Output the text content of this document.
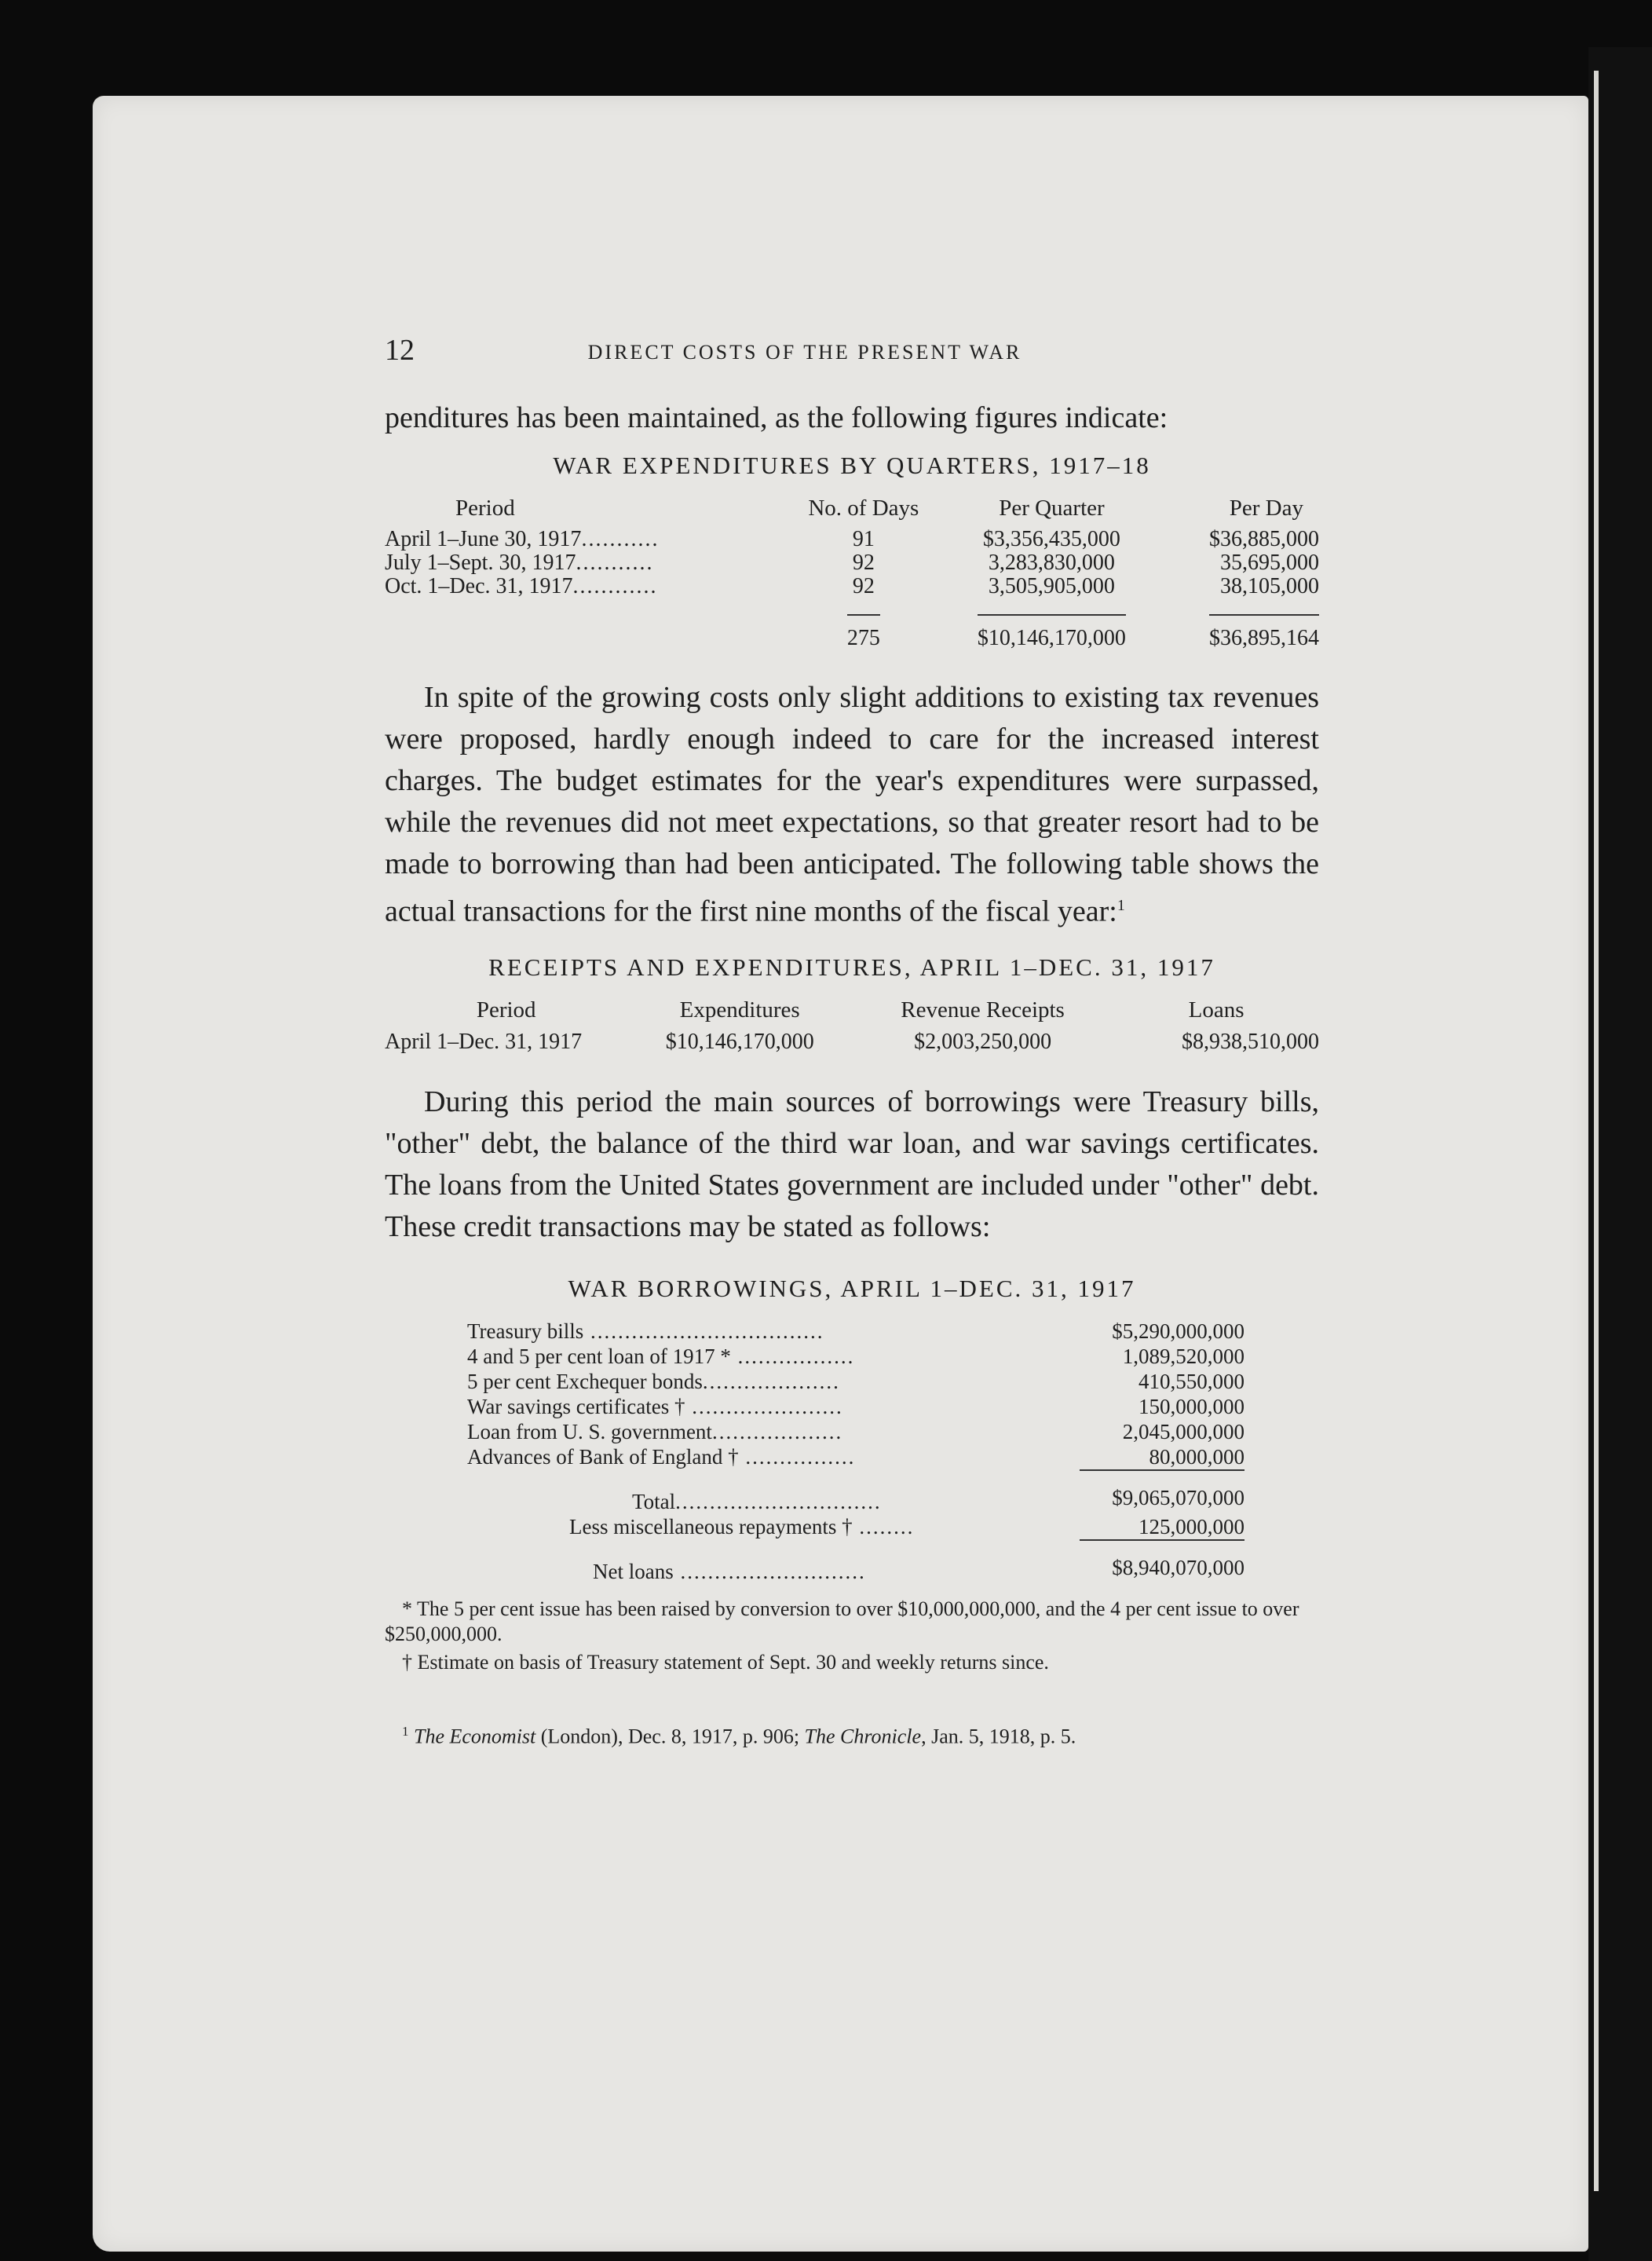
12	DIRECT COSTS OF THE PRESENT WAR

penditures has been maintained, as the following figures indicate:

WAR EXPENDITURES BY QUARTERS, 1917–18
Period	No. of Days	Per Quarter	Per Day
April 1–June 30, 1917...........	91	$3,356,435,000	$36,885,000
July 1–Sept. 30, 1917...........	92	3,283,830,000	35,695,000
Oct. 1–Dec. 31, 1917............	92	3,505,905,000	38,105,000
	275	$10,146,170,000	$36,895,164

In spite of the growing costs only slight additions to existing tax revenues were proposed, hardly enough indeed to care for the increased interest charges. The budget estimates for the year's expenditures were surpassed, while the revenues did not meet expectations, so that greater resort had to be made to borrowing than had been anticipated. The following table shows the actual transactions for the first nine months of the fiscal year:$^1$

RECEIPTS AND EXPENDITURES, APRIL 1–DEC. 31, 1917
Period	Expenditures	Revenue Receipts	Loans
April 1–Dec. 31, 1917	$10,146,170,000	$2,003,250,000	$8,938,510,000

During this period the main sources of borrowings were Treasury bills, "other" debt, the balance of the third war loan, and war savings certificates. The loans from the United States government are included under "other" debt. These credit transactions may be stated as follows:

WAR BORROWINGS, APRIL 1–DEC. 31, 1917
Treasury bills ..................................	$5,290,000,000
4 and 5 per cent loan of 1917 * .................	1,089,520,000
5 per cent Exchequer bonds....................	410,550,000
War savings certificates † ......................	150,000,000
Loan from U. S. government...................	2,045,000,000
Advances of Bank of England † ................	80,000,000
Total..............................	$9,065,070,000
Less miscellaneous repayments † ........	125,000,000
Net loans ...........................	$8,940,070,000

* The 5 per cent issue has been raised by conversion to over $10,000,000,000, and the 4 per cent issue to over $250,000,000.

† Estimate on basis of Treasury statement of Sept. 30 and weekly returns since.

$^1$ The Economist (London), Dec. 8, 1917, p. 906; The Chronicle, Jan. 5, 1918, p. 5.
